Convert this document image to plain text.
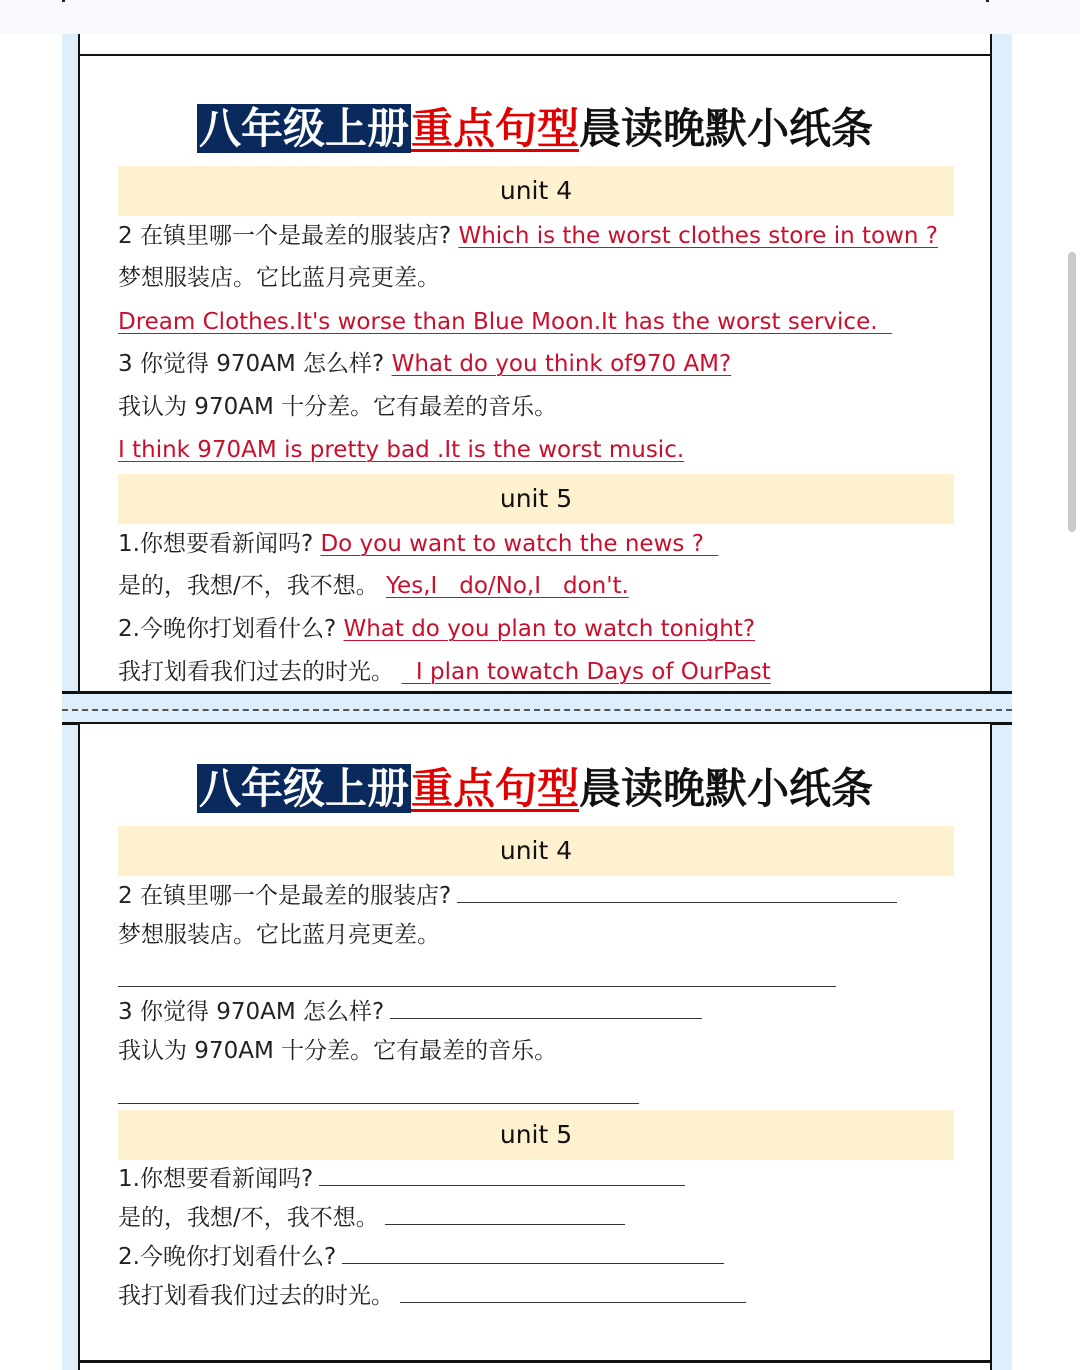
八年级上册重点句型晨读晚默小纸条
unit 4
2 在镇里哪一个是最差的服装店? Which is the worst clothes store in town ?
梦想服装店。它比蓝月亮更差。
Dream Clothes.It's worse than Blue Moon.It has the worst service.
3 你觉得 970AM 怎么样? What do you think of970 AM?
我认为 970AM 十分差。它有最差的音乐。
I think 970AM is pretty bad .It is the worst music.
unit 5
1.你想要看新闻吗? Do you want to watch the news ?
是的，我想/不，我不想。 Yes,I   do/No,I   don't.
2.今晚你打划看什么? What do you plan to watch tonight?
我打划看我们过去的时光。   I plan towatch Days of OurPast
八年级上册重点句型晨读晚默小纸条
unit 4
2 在镇里哪一个是最差的服装店?
梦想服装店。它比蓝月亮更差。
3 你觉得 970AM 怎么样?
我认为 970AM 十分差。它有最差的音乐。
unit 5
1.你想要看新闻吗?
是的，我想/不，我不想。
2.今晚你打划看什么?
我打划看我们过去的时光。
